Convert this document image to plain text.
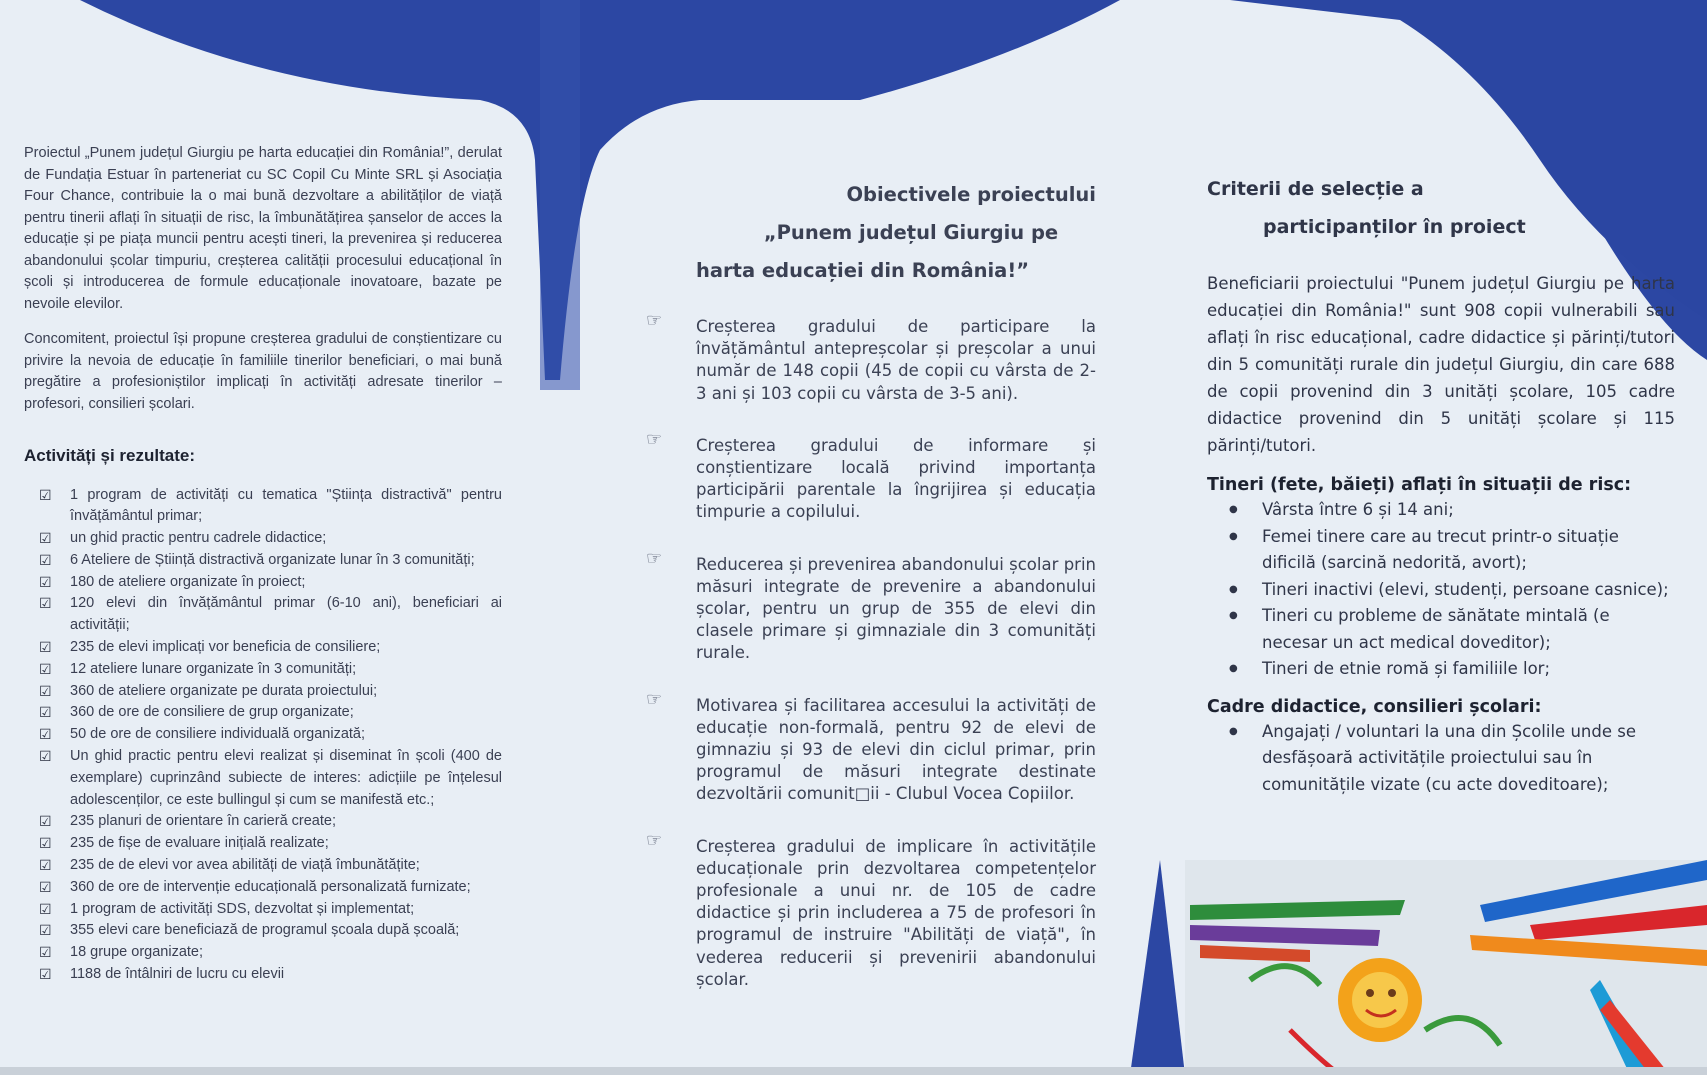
Proiectul „Punem județul Giurgiu pe harta educației din România!”, derulat de Fundația Estuar în parteneriat cu SC Copil Cu Minte SRL și Asociația Four Chance, contribuie la o mai bună dezvoltare a abilităților de viață pentru tinerii aflați în situații de risc, la îmbunătățirea șanselor de acces la educație și pe piața muncii pentru acești tineri, la prevenirea și reducerea abandonului școlar timpuriu, creșterea calității procesului educațional în școli și introducerea de formule educaționale inovatoare, bazate pe nevoile elevilor.

Concomitent, proiectul își propune creșterea gradului de conștientizare cu privire la nevoia de educație în familiile tinerilor beneficiari, o mai bună pregătire a profesioniștilor implicați în activități adresate tinerilor – profesori, consilieri școlari.

Activități și rezultate:
☑ 1 program de activități cu tematica "Știința distractivă" pentru învățământul primar;
☑ un ghid practic pentru cadrele didactice;
☑ 6 Ateliere de Știință distractivă organizate lunar în 3 comunități;
☑ 180 de ateliere organizate în proiect;
☑ 120 elevi din învățământul primar (6-10 ani), beneficiari ai activității;
☑ 235 de elevi implicați vor beneficia de consiliere;
☑ 12 ateliere lunare organizate în 3 comunități;
☑ 360 de ateliere organizate pe durata proiectului;
☑ 360 de ore de consiliere de grup organizate;
☑ 50 de ore de consiliere individuală organizată;
☑ Un ghid practic pentru elevi realizat și diseminat în școli (400 de exemplare) cuprinzând subiecte de interes: adicțiile pe înțelesul adolescenților, ce este bullingul și cum se manifestă etc.;
☑ 235 planuri de orientare în carieră create;
☑ 235 de fișe de evaluare inițială realizate;
☑ 235 de de elevi vor avea abilități de viață îmbunătățite;
☑ 360 de ore de intervenție educațională personalizată furnizate;
☑ 1 program de activități SDS, dezvoltat și implementat;
☑ 355 elevi care beneficiază de programul școala după școală;
☑ 18 grupe organizate;
☑ 1188 de întâlniri de lucru cu elevii
Obiectivele proiectului
„Punem județul Giurgiu pe
harta educației din România!”
☞ Creșterea gradului de participare la învățământul antepreșcolar și preșcolar a unui număr de 148 copii (45 de copii cu vârsta de 2-3 ani și 103 copii cu vârsta de 3-5 ani).
☞ Creșterea gradului de informare și conștientizare locală privind importanța participării parentale la îngrijirea și educația timpurie a copilului.
☞ Reducerea și prevenirea abandonului școlar prin măsuri integrate de prevenire a abandonului școlar, pentru un grup de 355 de elevi din clasele primare și gimnaziale din 3 comunități rurale.
☞ Motivarea și facilitarea accesului la activități de educație non-formală, pentru 92 de elevi de gimnaziu și 93 de elevi din ciclul primar, prin programul de măsuri integrate destinate dezvoltării comunit□ii - Clubul Vocea Copiilor.
☞ Creșterea gradului de implicare în activitățile educaționale prin dezvoltarea competențelor profesionale a unui nr. de 105 de cadre didactice și prin includerea a 75 de profesori în programul de instruire "Abilități de viață", în vederea reducerii și prevenirii abandonului școlar.
Criterii de selecție a
participanților în proiect

Beneficiarii proiectului "Punem județul Giurgiu pe harta educației din România!" sunt 908 copii vulnerabili sau aflați în risc educațional, cadre didactice și părinți/tutori din 5 comunități rurale din județul Giurgiu, din care 688 de copii provenind din 3 unități școlare, 105 cadre didactice provenind din 5 unități școlare și 115 părinți/tutori.

Tineri (fete, băieți) aflați în situații de risc:
● Vârsta între 6 și 14 ani;
● Femei tinere care au trecut printr-o situație dificilă (sarcină nedorită, avort);
● Tineri inactivi (elevi, studenți, persoane casnice);
● Tineri cu probleme de sănătate mintală (e necesar un act medical doveditor);
● Tineri de etnie romă și familiile lor;
Cadre didactice, consilieri școlari:
● Angajați / voluntari la una din Școlile unde se desfășoară activitățile proiectului sau în comunitățile vizate (cu acte doveditoare);
